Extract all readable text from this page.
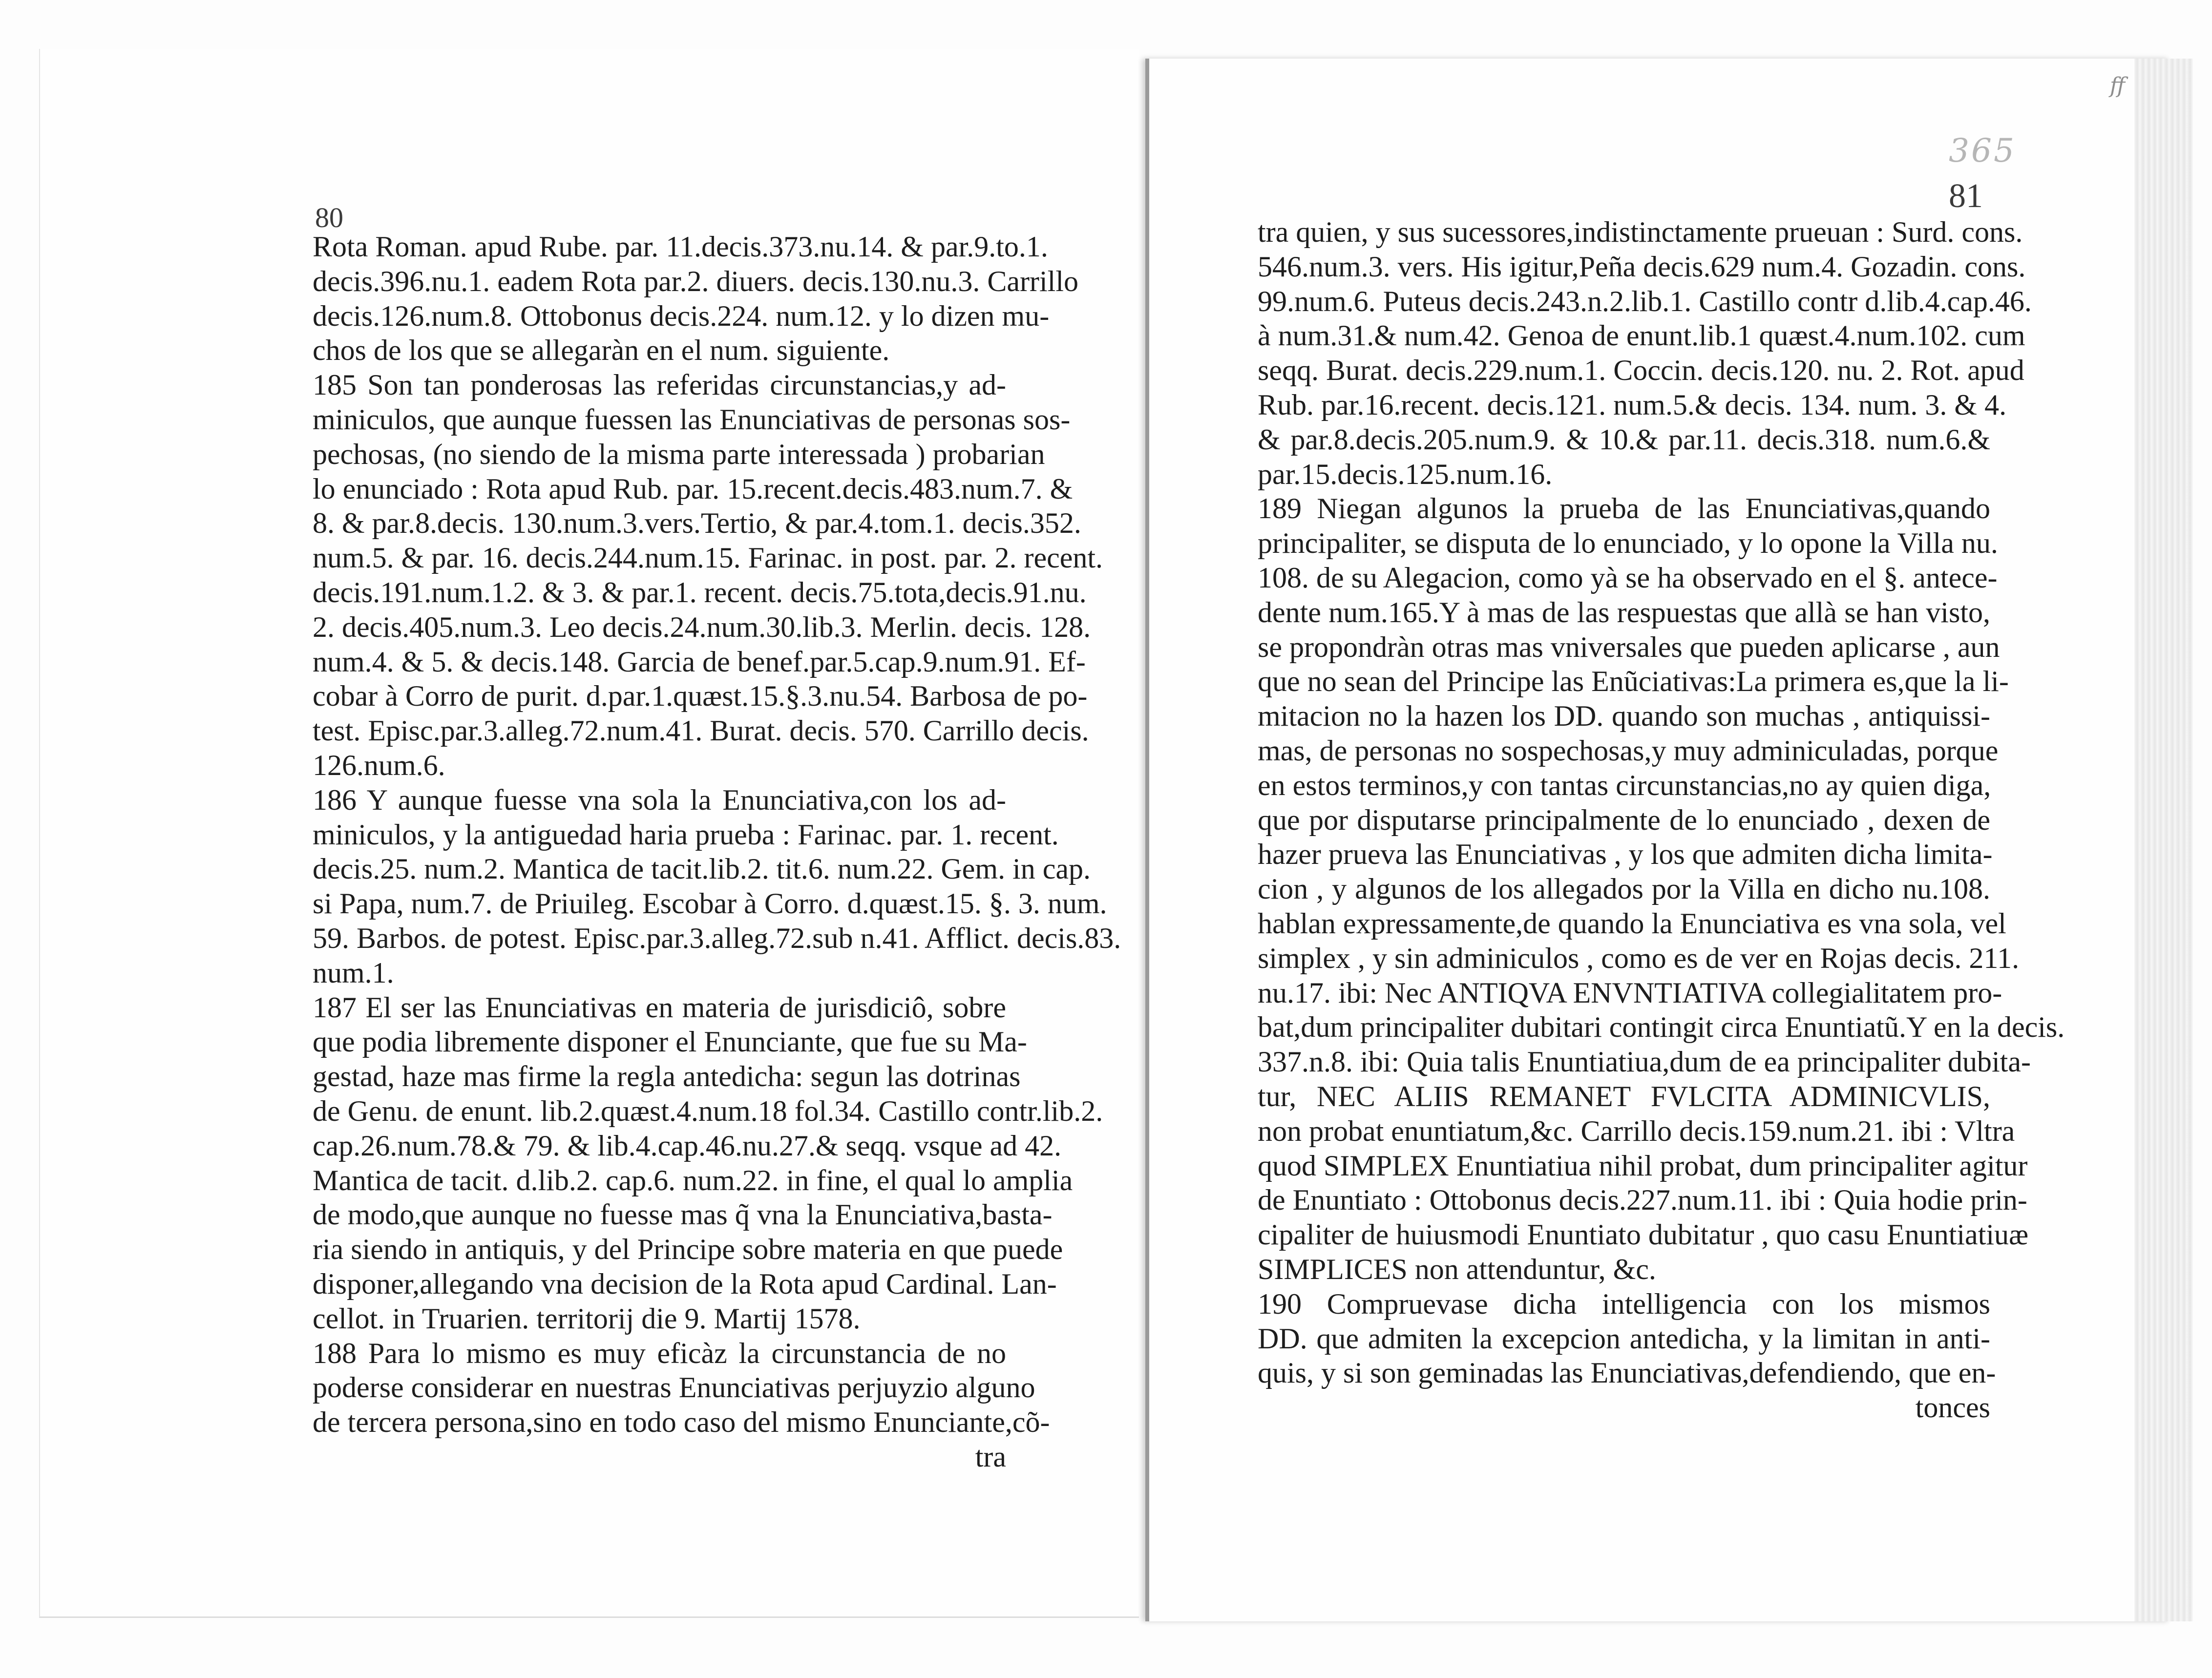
80
81
365
ff
Rota Roman. apud Rube. par. 11.decis.373.nu.14. & par.9.to.1.
decis.396.nu.1. eadem Rota par.2. diuers. decis.130.nu.3. Carrillo
decis.126.num.8. Ottobonus decis.224. num.12. y lo dizen mu-
chos de los que se allegaràn en el num. siguiente.
185 Son tan ponderosas las referidas circunstancias,y ad-
miniculos, que aunque fuessen las Enunciativas de personas sos-
pechosas, (no siendo de la misma parte interessada ) probarian
lo enunciado : Rota apud Rub. par. 15.recent.decis.483.num.7. &
8. & par.8.decis. 130.num.3.vers.Tertio, & par.4.tom.1. decis.352.
num.5. & par. 16. decis.244.num.15. Farinac. in post. par. 2. recent.
decis.191.num.1.2. & 3. & par.1. recent. decis.75.tota,decis.91.nu.
2. decis.405.num.3. Leo decis.24.num.30.lib.3. Merlin. decis. 128.
num.4. & 5. & decis.148. Garcia de benef.par.5.cap.9.num.91. Ef-
cobar à Corro de purit. d.par.1.quæst.15.§.3.nu.54. Barbosa de po-
test. Episc.par.3.alleg.72.num.41. Burat. decis. 570. Carrillo decis.
126.num.6.
186 Y aunque fuesse vna sola la Enunciativa,con los ad-
miniculos, y la antiguedad haria prueba : Farinac. par. 1. recent.
decis.25. num.2. Mantica de tacit.lib.2. tit.6. num.22. Gem. in cap.
si Papa, num.7. de Priuileg. Escobar à Corro. d.quæst.15. §. 3. num.
59. Barbos. de potest. Episc.par.3.alleg.72.sub n.41. Afflict. decis.83.
num.1.
187 El ser las Enunciativas en materia de jurisdiciô, sobre
que podia libremente disponer el Enunciante, que fue su Ma-
gestad, haze mas firme la regla antedicha: segun las dotrinas
de Genu. de enunt. lib.2.quæst.4.num.18 fol.34. Castillo contr.lib.2.
cap.26.num.78.& 79. & lib.4.cap.46.nu.27.& seqq. vsque ad 42.
Mantica de tacit. d.lib.2. cap.6. num.22. in fine, el qual lo amplia
de modo,que aunque no fuesse mas q̃ vna la Enunciativa,basta-
ria siendo in antiquis, y del Principe sobre materia en que puede
disponer,allegando vna decision de la Rota apud Cardinal. Lan-
cellot. in Truarien. territorij die 9. Martij 1578.
188 Para lo mismo es muy eficàz la circunstancia de no
poderse considerar en nuestras Enunciativas perjuyzio alguno
de tercera persona,sino en todo caso del mismo Enunciante,cõ-
tra
tra quien, y sus sucessores,indistinctamente prueuan : Surd. cons.
546.num.3. vers. His igitur,Peña decis.629 num.4. Gozadin. cons.
99.num.6. Puteus decis.243.n.2.lib.1. Castillo contr d.lib.4.cap.46.
à num.31.& num.42. Genoa de enunt.lib.1 quæst.4.num.102. cum
seqq. Burat. decis.229.num.1. Coccin. decis.120. nu. 2. Rot. apud
Rub. par.16.recent. decis.121. num.5.& decis. 134. num. 3. & 4.
& par.8.decis.205.num.9. & 10.& par.11. decis.318. num.6.&
par.15.decis.125.num.16.
189 Niegan algunos la prueba de las Enunciativas,quando
principaliter, se disputa de lo enunciado, y lo opone la Villa nu.
108. de su Alegacion, como yà se ha observado en el §. antece-
dente num.165.Y à mas de las respuestas que allà se han visto,
se propondràn otras mas vniversales que pueden aplicarse , aun
que no sean del Principe las Enũciativas:La primera es,que la li-
mitacion no la hazen los DD. quando son muchas , antiquissi-
mas, de personas no sospechosas,y muy adminiculadas, porque
en estos terminos,y con tantas circunstancias,no ay quien diga,
que por disputarse principalmente de lo enunciado , dexen de
hazer prueva las Enunciativas , y los que admiten dicha limita-
cion , y algunos de los allegados por la Villa en dicho nu.108.
hablan expressamente,de quando la Enunciativa es vna sola, vel
simplex , y sin adminiculos , como es de ver en Rojas decis. 211.
nu.17. ibi: Nec ANTIQVA ENVNTIATIVA collegialitatem pro-
bat,dum principaliter dubitari contingit circa Enuntiatũ.Y en la decis.
337.n.8. ibi: Quia talis Enuntiatiua,dum de ea principaliter dubita-
tur, NEC ALIIS REMANET FVLCITA ADMINICVLIS,
non probat enuntiatum,&c. Carrillo decis.159.num.21. ibi : Vltra
quod SIMPLEX Enuntiatiua nihil probat, dum principaliter agitur
de Enuntiato : Ottobonus decis.227.num.11. ibi : Quia hodie prin-
cipaliter de huiusmodi Enuntiato dubitatur , quo casu Enuntiatiuæ
SIMPLICES non attenduntur, &c.
190 Compruevase dicha intelligencia con los mismos
DD. que admiten la excepcion antedicha, y la limitan in anti-
quis, y si son geminadas las Enunciativas,defendiendo, que en-
tonces
